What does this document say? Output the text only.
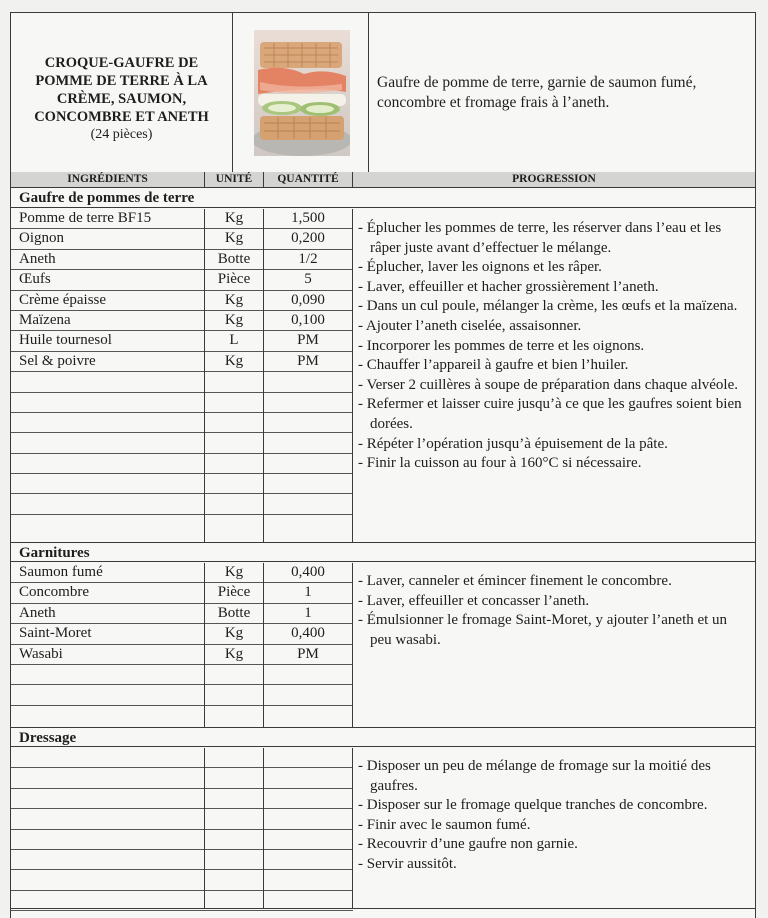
CROQUE-GAUFRE DE
POMME DE TERRE À LA
CRÈME, SAUMON,
CONCOMBRE ET ANETH
(24 pièces)
Gaufre de pomme de terre, garnie de saumon fumé, concombre et fromage frais à l’aneth.
INGRÉDIENTS	UNITÉ	QUANTITÉ	PROGRESSION
Gaufre de pommes de terre
Pomme de terre BF15	Kg	1,500
Oignon	Kg	0,200
Aneth	Botte	1/2
Œufs	Pièce	5
Crème épaisse	Kg	0,090
Maïzena	Kg	0,100
Huile tournesol	L	PM
Sel & poivre	Kg	PM
- Éplucher les pommes de terre, les réserver dans l’eau et les râper juste avant d’effectuer le mélange.
- Éplucher, laver les oignons et les râper.
- Laver, effeuiller et hacher grossièrement l’aneth.
- Dans un cul poule, mélanger la crème, les œufs et la maïzena.
- Ajouter l’aneth ciselée, assaisonner.
- Incorporer les pommes de terre et les oignons.
- Chauffer l’appareil à gaufre et bien l’huiler.
- Verser 2 cuillères à soupe de préparation dans chaque alvéole.
- Refermer et laisser cuire jusqu’à ce que les gaufres soient bien dorées.
- Répéter l’opération jusqu’à épuisement de la pâte.
- Finir la cuisson au four à 160°C si nécessaire.
Garnitures
Saumon fumé	Kg	0,400
Concombre	Pièce	1
Aneth	Botte	1
Saint-Moret	Kg	0,400
Wasabi	Kg	PM
- Laver, canneler et émincer finement le concombre.
- Laver, effeuiller et concasser l’aneth.
- Émulsionner le fromage Saint-Moret, y ajouter l’aneth et un peu wasabi.
Dressage
- Disposer un peu de mélange de fromage sur la moitié des gaufres.
- Disposer sur le fromage quelque tranches de concombre.
- Finir avec le saumon fumé.
- Recouvrir d’une gaufre non garnie.
- Servir aussitôt.
